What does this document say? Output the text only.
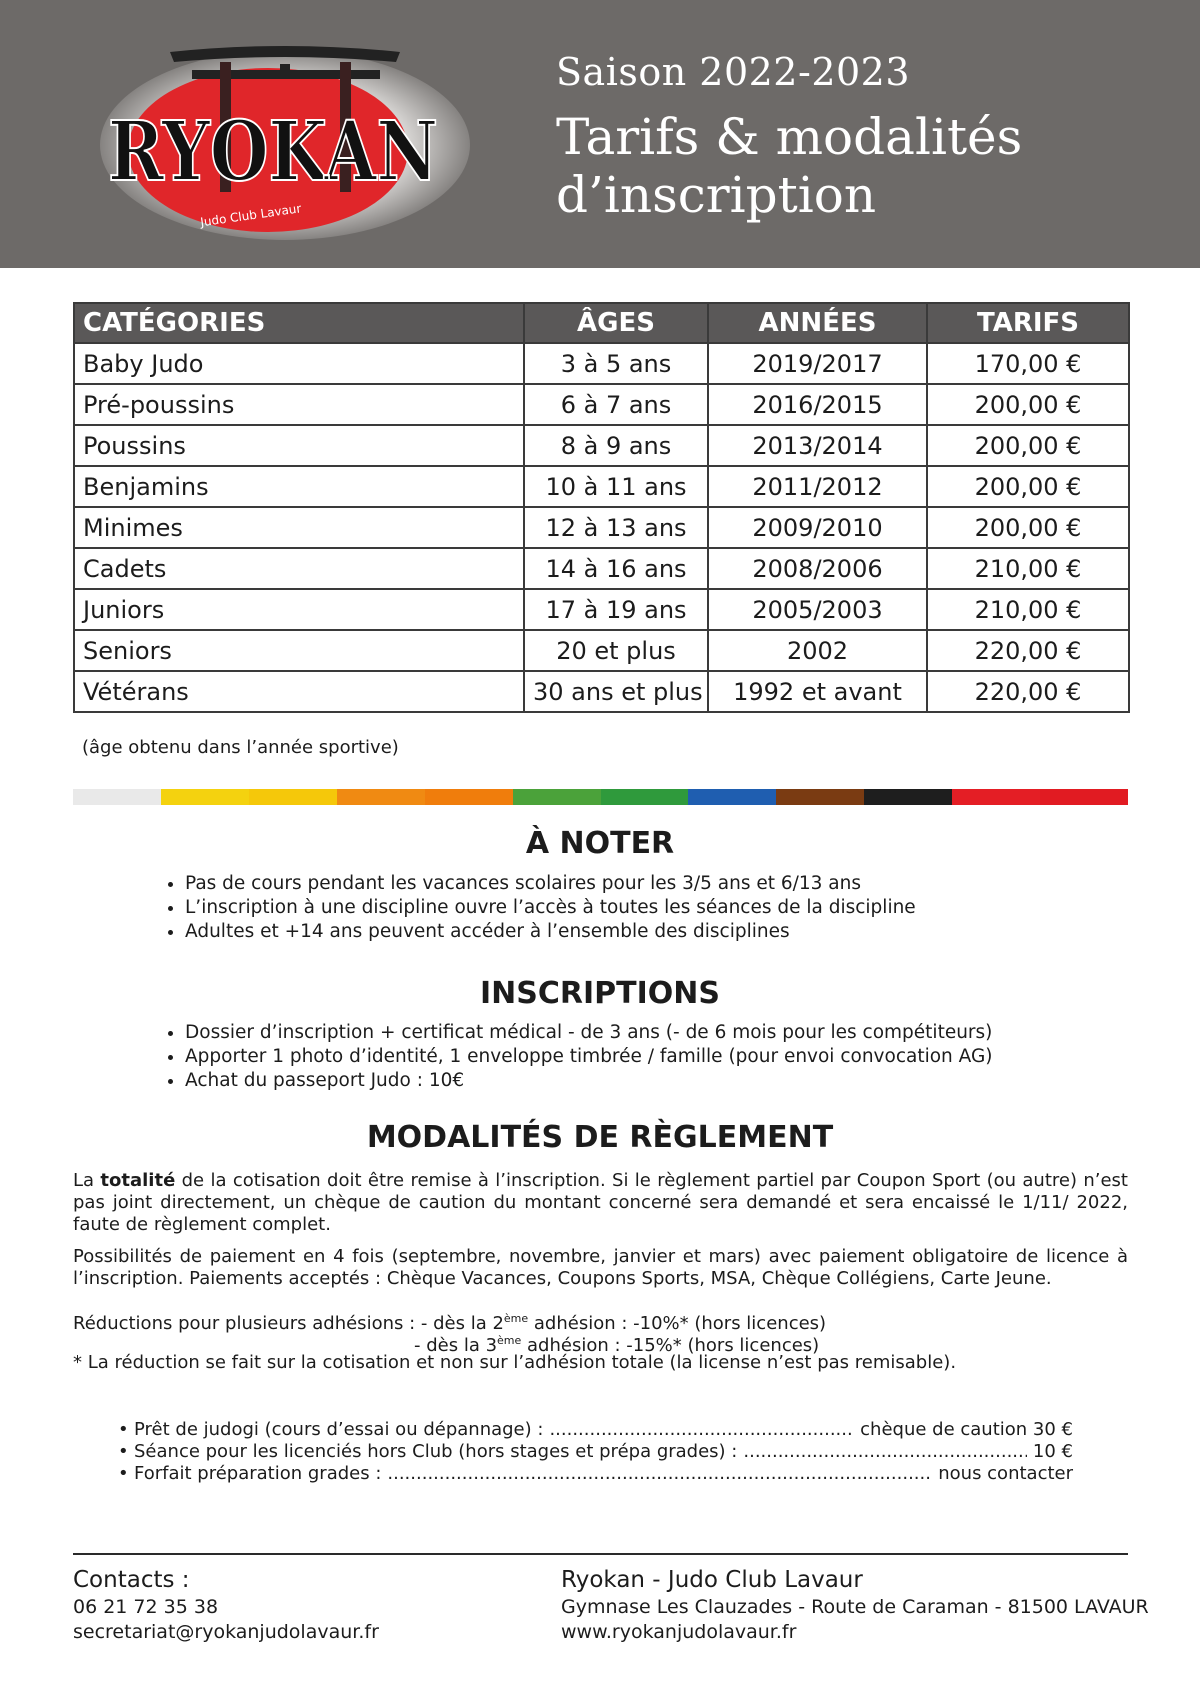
RYOKAN
Judo Club Lavaur
Saison 2022-2023
Tarifs & modalités
d’inscription
CATÉGORIES	ÂGES	ANNÉES	TARIFS
Baby Judo	3 à 5 ans	2019/2017	170,00 €
Pré-poussins	6 à 7 ans	2016/2015	200,00 €
Poussins	8 à 9 ans	2013/2014	200,00 €
Benjamins	10 à 11 ans	2011/2012	200,00 €
Minimes	12 à 13 ans	2009/2010	200,00 €
Cadets	14 à 16 ans	2008/2006	210,00 €
Juniors	17 à 19 ans	2005/2003	210,00 €
Seniors	20 et plus	2002	220,00 €
Vétérans	30 ans et plus	1992 et avant	220,00 €
(âge obtenu dans l’année sportive)
À NOTER
• Pas de cours pendant les vacances scolaires pour les 3/5 ans et 6/13 ans
• L’inscription à une discipline ouvre l’accès à toutes les séances de la discipline
• Adultes et +14 ans peuvent accéder à l’ensemble des disciplines
INSCRIPTIONS
• Dossier d’inscription + certificat médical - de 3 ans (- de 6 mois pour les compétiteurs)
• Apporter 1 photo d’identité, 1 enveloppe timbrée / famille (pour envoi convocation AG)
• Achat du passeport Judo : 10€
MODALITÉS DE RÈGLEMENT

La totalité de la cotisation doit être remise à l’inscription. Si le règlement partiel par Coupon Sport (ou autre) n’est pas joint directement, un chèque de caution du montant concerné sera demandé et sera encaissé le 1/11/ 2022, faute de règlement complet.

Possibilités de paiement en 4 fois (septembre, novembre, janvier et mars) avec paiement obligatoire de licence à l’inscription. Paiements acceptés : Chèque Vacances, Coupons Sports, MSA, Chèque Collégiens, Carte Jeune.

Réductions pour plusieurs adhésions : - dès la 2ème adhésion : -10%* (hors licences)
- dès la 3ème adhésion : -15%* (hors licences)
* La réduction se fait sur la cotisation et non sur l’adhésion totale (la license n’est pas remisable).
• Prêt de judogi (cours d’essai ou dépannage) : .....	chèque de caution 30 €
• Séance pour les licenciés hors Club (hors stages et prépa grades) : .....	10 €
• Forfait préparation grades : .....	nous contacter
Contacts :
06 21 72 35 38
secretariat@ryokanjudolavaur.fr
Ryokan - Judo Club Lavaur
Gymnase Les Clauzades - Route de Caraman - 81500 LAVAUR
www.ryokanjudolavaur.fr
